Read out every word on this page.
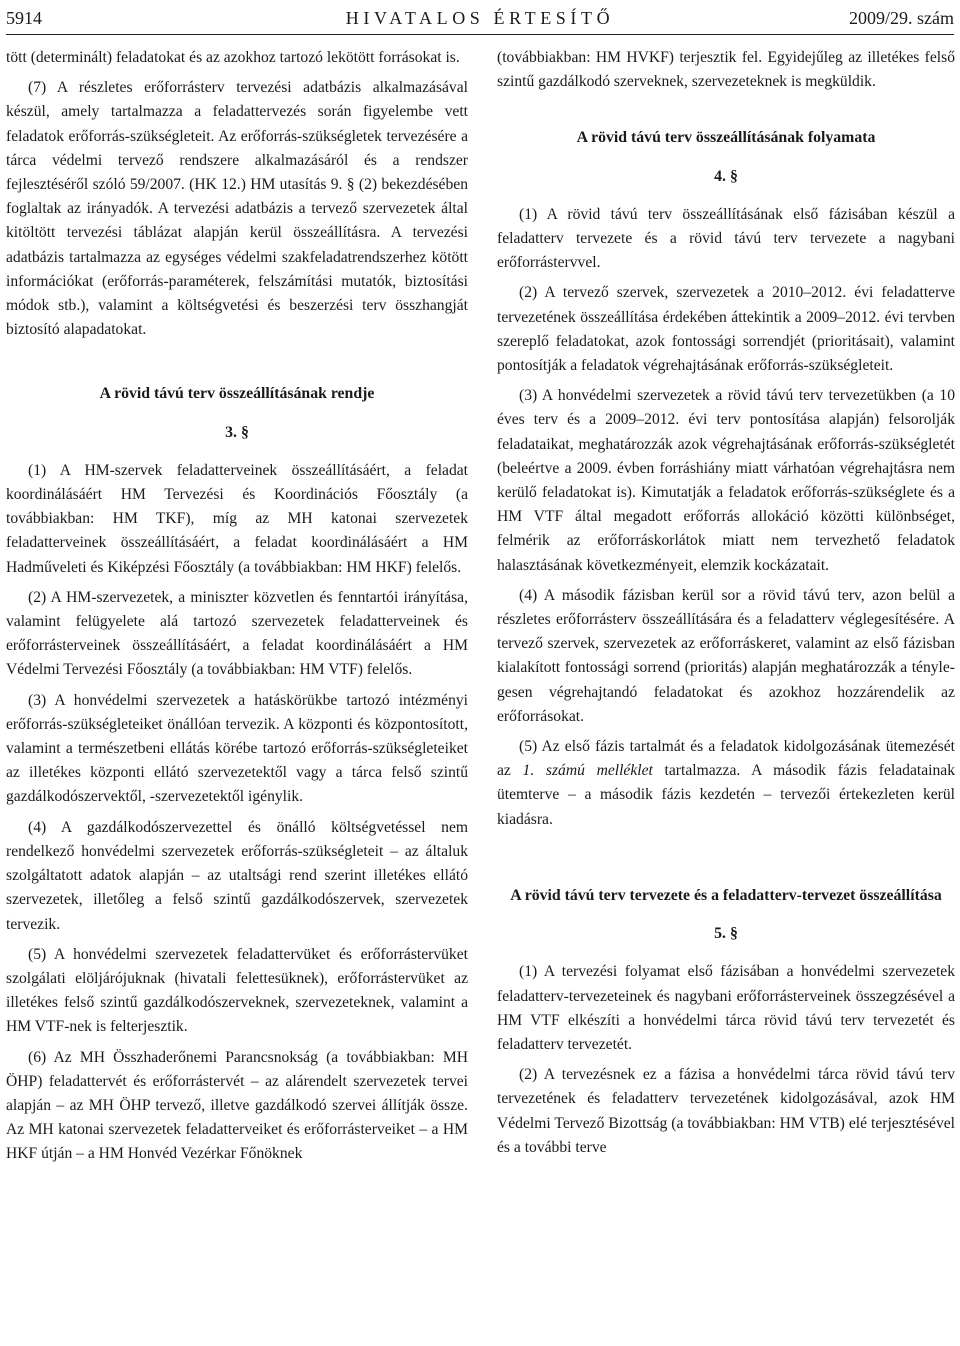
5914	HIVATALOS ÉRTESÍTŐ	2009/29. szám

tött (determinált) feladatokat és az azokhoz tartozó lekötött forrásokat is.

(7) A részletes erőforrásterv tervezési adatbázis alkalmazásával készül, amely tartalmazza a feladattervezés során figyelembe vett feladatok erőforrás-szükségleteit. Az erőforrás-szükségletek tervezésére a tárca védelmi tervező rendszere alkalmazásáról és a rendszer fejlesztéséről szóló 59/2007. (HK 12.) HM utasítás 9. § (2) bekezdésében foglaltak az irányadók. A tervezési adatbázis a tervező szervezetek által kitöltött tervezési táblázat alapján kerül összeállításra. A tervezési adatbázis tartalmazza az egységes védelmi szakfeladatrendszerhez kötött információkat (erőforrás-paraméterek, felszámítási mutatók, biztosítási módok stb.), valamint a költségvetési és beszerzési terv összhangját biztosító alapadatokat.

A rövid távú terv összeállításának rendje
3. §

(1) A HM-szervek feladatterveinek összeállításáért, a feladat koordinálásáért HM Tervezési és Koordinációs Főosztály (a továbbiakban: HM TKF), míg az MH katonai szervezetek feladatterveinek összeállításáért, a feladat koordinálásáért a HM Hadműveleti és Kiképzési Főosztály (a továbbiakban: HM HKF) felelős.

(2) A HM-szervezetek, a miniszter közvetlen és fenntartói irányítása, valamint felügyelete alá tartozó szervezetek feladatterveinek és erőforrásterveinek összeállításáért, a feladat koordinálásáért a HM Védelmi Tervezési Főosztály (a továbbiakban: HM VTF) felelős.

(3) A honvédelmi szervezetek a hatáskörükbe tartozó intézményi erőforrás-szükségleteiket önállóan tervezik. A központi és központosított, valamint a természetbeni ellátás körébe tartozó erőforrás-szükségleteiket az illetékes központi ellátó szervezetektől vagy a tárca felső szintű gazdálkodószervektől, -szervezetektől igénylik.

(4) A gazdálkodószervezettel és önálló költségvetéssel nem rendelkező honvédelmi szervezetek erőforrás-szükségleteit – az általuk szolgáltatott adatok alapján – az utaltsági rend szerint illetékes ellátó szervezetek, illetőleg a felső szintű gazdálkodószervek, szervezetek tervezik.

(5) A honvédelmi szervezetek feladattervüket és erőforrástervüket szolgálati elöljárójuknak (hivatali felettesüknek), erőforrástervüket az illetékes felső szintű gazdálkodószerveknek, szervezeteknek, valamint a HM VTF-nek is felterjesztik.

(6) Az MH Összhaderőnemi Parancsnokság (a továbbiakban: MH ÖHP) feladattervét és erőforrástervét – az alárendelt szervezetek tervei alapján – az MH ÖHP tervező, illetve gazdálkodó szervei állítják össze. Az MH katonai szervezetek feladatterveiket és erőforrásterveiket – a HM HKF útján – a HM Honvéd Vezérkar Főnöknek

(továbbiakban: HM HVKF) terjesztik fel. Egyidejűleg az illetékes felső szintű gazdálkodó szerveknek, szervezeteknek is megküldik.

A rövid távú terv összeállításának folyamata
4. §

(1) A rövid távú terv összeállításának első fázisában készül a feladatterv tervezete és a rövid távú terv tervezete a nagybani erőforrástervvel.

(2) A tervező szervek, szervezetek a 2010–2012. évi feladatterve tervezetének összeállítása érdekében áttekintik a 2009–2012. évi tervben szereplő feladatokat, azok fontossági sorrendjét (prioritásait), valamint pontosítják a feladatok végrehajtásának erőforrás-szükségleteit.

(3) A honvédelmi szervezetek a rövid távú terv tervezetükben (a 10 éves terv és a 2009–2012. évi terv pontosítása alapján) felsorolják feladataikat, meghatározzák azok végrehajtásának erőforrás-szükségletét (beleértve a 2009. évben forráshiány miatt várhatóan végrehajtásra nem kerülő feladatokat is). Kimutatják a feladatok erőforrás-szükséglete és a HM VTF által megadott erőforrás allokáció közötti különbséget, felmérik az erőforráskorlátok miatt nem tervezhető feladatok halasztásának következményeit, elemzik kockázatait.

(4) A második fázisban kerül sor a rövid távú terv, azon belül a részletes erőforrásterv összeállítására és a feladatterv véglegesítésére. A tervező szervek, szervezetek az erőforráskeret, valamint az első fázisban kialakított fontossági sorrend (prioritás) alapján meghatározzák a ténylegesen végrehajtandó feladatokat és azokhoz hozzárendelik az erőforrásokat.

(5) Az első fázis tartalmát és a feladatok kidolgozásának ütemezését az 1. számú melléklet tartalmazza. A második fázis feladatainak ütemterve – a második fázis kezdetén – tervezői értekezleten kerül kiadásra.

A rövid távú terv tervezete és a feladatterv-tervezet összeállítása
5. §

(1) A tervezési folyamat első fázisában a honvédelmi szervezetek feladatterv-tervezeteinek és nagybani erőforrásterveinek összegzésével a HM VTF elkészíti a honvédelmi tárca rövid távú terv tervezetét és feladatterv tervezetét.

(2) A tervezésnek ez a fázisa a honvédelmi tárca rövid távú terv tervezetének és feladatterv tervezetének kidolgozásával, azok HM Védelmi Tervező Bizottság (a továbbiakban: HM VTB) elé terjesztésével és a további terve
